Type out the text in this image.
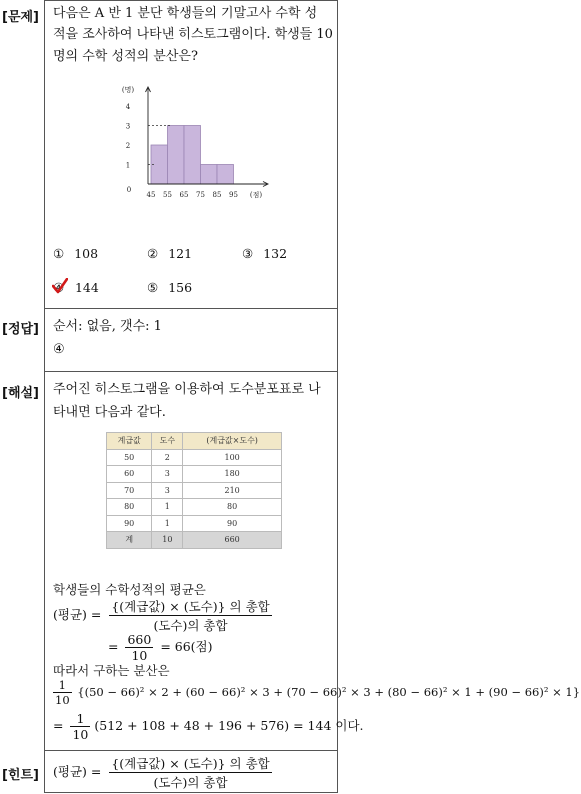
[문제]
[정답]
[해설]
[힌트]
다음은 A 반 1 분단 학생들의 기말고사 수학 성
적을 조사하여 나타낸 히스토그램이다. 학생들 10
명의 수학 성적의 분산은?
0
1
2
3
4
(명)
45 55 65 75 85 95 (점)
① 108	② 121	③ 132
④ 144	⑤ 156
순서: 없음, 갯수: 1
④
주어진 히스토그램을 이용하여 도수분포표로 나
타내면 다음과 같다.
계급값	도수	(계급값×도수)
50	2	100
60	3	180
70	3	210
80	1	80
90	1	90
계	10	660
학생들의 수학성적의 평균은
(평균) = $\frac{\text{\{(계급값) × (도수)\} 의 총합}}{\text{(도수)의 총합}}$
= $\frac{660}{10} = 66$(점)
따라서 구하는 분산은
$\frac{1}{10} \{(50 - 66)^2 \times 2 + (60 - 66)^2 \times 3 + (70 - 66)^2 \times 3 + (80 - 66)^2 \times 1 + (90 - 66)^2 \times 1\}$
= $\frac{1}{10} (512 + 108 + 48 + 196 + 576) = 144$ 이다.
(평균) = $\frac{\text{\{(계급값) × (도수)\} 의 총합}}{\text{(도수)의 총합}}$
